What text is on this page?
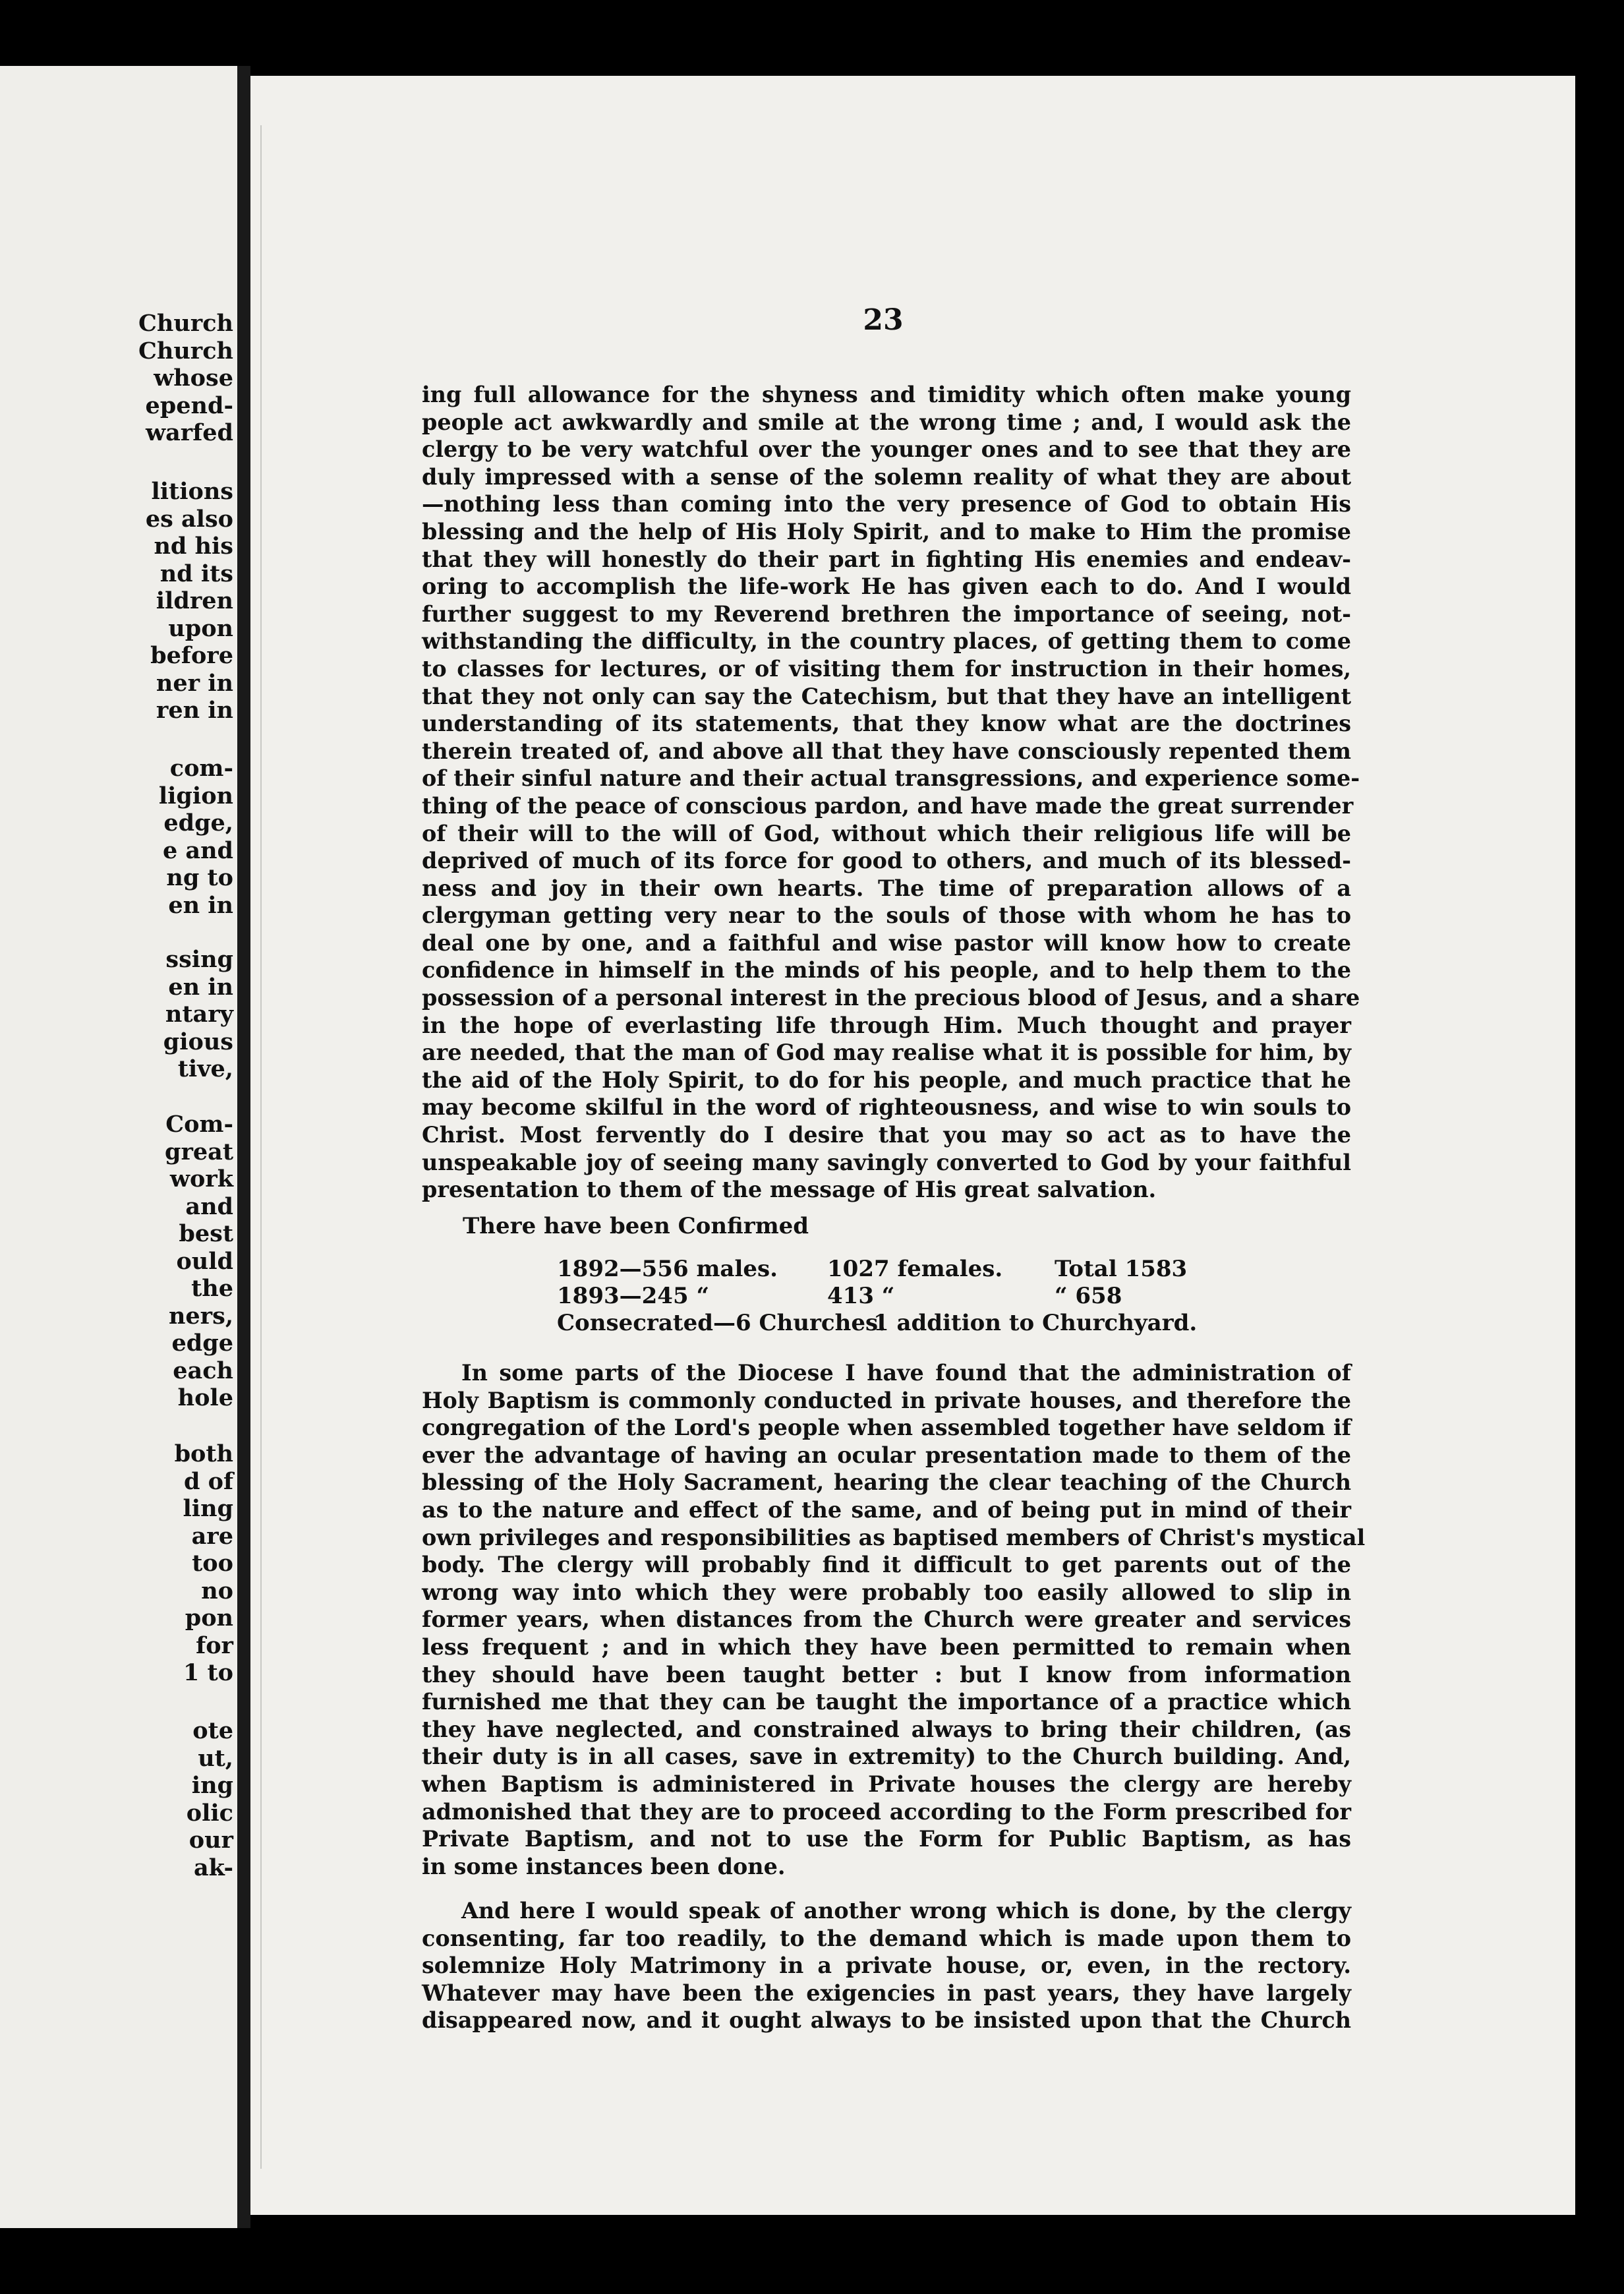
Church
Church
whose
epend-
warfed
litions
es also
nd his
nd its
ildren
upon
before
ner in
ren in
com-
ligion
edge,
e and
ng to
en in
ssing
en in
ntary
gious
tive,
Com-
great
work
and
best
ould
the
ners,
edge
each
hole
both
d of
ling
are
too
no
pon
for
1 to
ote
ut,
ing
olic
our
ak-
23
ing full allowance for the shyness and timidity which often make young
people act awkwardly and smile at the wrong time ; and, I would ask the
clergy to be very watchful over the younger ones and to see that they are
duly impressed with a sense of the solemn reality of what they are about
—nothing less than coming into the very presence of God to obtain His
blessing and the help of His Holy Spirit, and to make to Him the promise
that they will honestly do their part in fighting His enemies and endeav-
oring to accomplish the life-work He has given each to do. And I would
further suggest to my Reverend brethren the importance of seeing, not-
withstanding the difficulty, in the country places, of getting them to come
to classes for lectures, or of visiting them for instruction in their homes,
that they not only can say the Catechism, but that they have an intelligent
understanding of its statements, that they know what are the doctrines
therein treated of, and above all that they have consciously repented them
of their sinful nature and their actual transgressions, and experience some-
thing of the peace of conscious pardon, and have made the great surrender
of their will to the will of God, without which their religious life will be
deprived of much of its force for good to others, and much of its blessed-
ness and joy in their own hearts. The time of preparation allows of a
clergyman getting very near to the souls of those with whom he has to
deal one by one, and a faithful and wise pastor will know how to create
confidence in himself in the minds of his people, and to help them to the
possession of a personal interest in the precious blood of Jesus, and a share
in the hope of everlasting life through Him. Much thought and prayer
are needed, that the man of God may realise what it is possible for him, by
the aid of the Holy Spirit, to do for his people, and much practice that he
may become skilful in the word of righteousness, and wise to win souls to
Christ. Most fervently do I desire that you may so act as to have the
unspeakable joy of seeing many savingly converted to God by your faithful
presentation to them of the message of His great salvation.
There have been Confirmed
1892—556 males. 1027 females. Total 1583
1893—245 “	413 “	“ 658
Consecrated—6 Churches.
1 addition to Churchyard.
In some parts of the Diocese I have found that the administration of
Holy Baptism is commonly conducted in private houses, and therefore the
congregation of the Lord's people when assembled together have seldom if
ever the advantage of having an ocular presentation made to them of the
blessing of the Holy Sacrament, hearing the clear teaching of the Church
as to the nature and effect of the same, and of being put in mind of their
own privileges and responsibilities as baptised members of Christ's mystical
body. The clergy will probably find it difficult to get parents out of the
wrong way into which they were probably too easily allowed to slip in
former years, when distances from the Church were greater and services
less frequent ; and in which they have been permitted to remain when
they should have been taught better : but I know from information
furnished me that they can be taught the importance of a practice which
they have neglected, and constrained always to bring their children, (as
their duty is in all cases, save in extremity) to the Church building. And,
when Baptism is administered in Private houses the clergy are hereby
admonished that they are to proceed according to the Form prescribed for
Private Baptism, and not to use the Form for Public Baptism, as has
in some instances been done.
And here I would speak of another wrong which is done, by the clergy
consenting, far too readily, to the demand which is made upon them to
solemnize Holy Matrimony in a private house, or, even, in the rectory.
Whatever may have been the exigencies in past years, they have largely
disappeared now, and it ought always to be insisted upon that the Church
